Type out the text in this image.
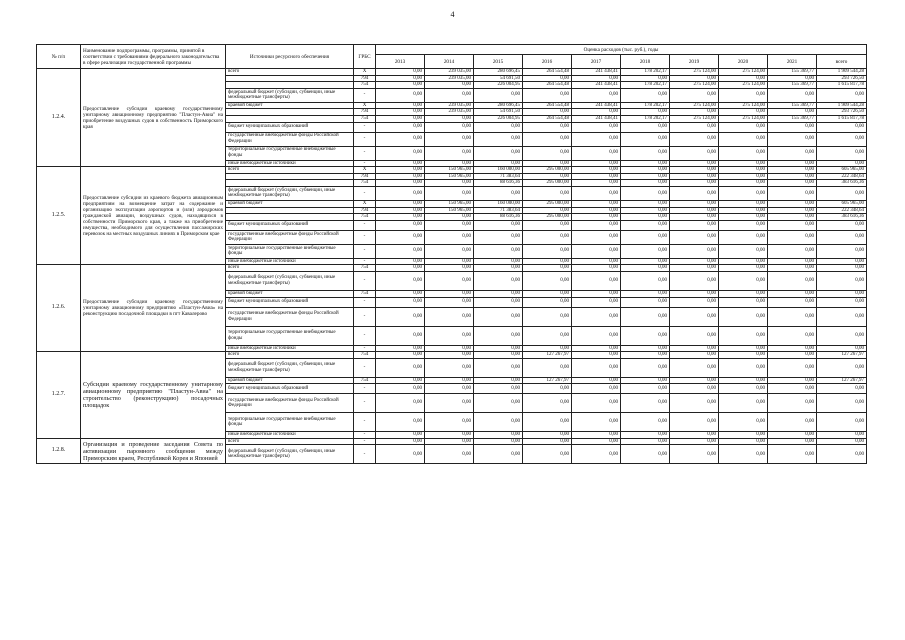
4
№ п/п	Наименование подпрограммы, программы, принятой в соответствии с требованиями федерального законодательства в сфере реализации государственной программы	Источники ресурсного обеспечения	ГРБС	Оценка расходов (тыс. руб.), годы									
				2013	2014	2015	2016	2017	2018	2019	2020	2021	всего
1.2.4.	Предоставление субсидии краевому государственному унитарному авиационному предприятию "Пластун-Авиа" на приобретение воздушных судов в собственность Приморского края	всего	X	0,00	239 035,00	280 696,45	264 554,48	241 438,41	178 202,17	275 124,00	275 124,00	155 369,77	1 909 544,28
			794	0,00	239 035,00	54 691,50	0,00	0,00	0,00	0,00	0,00	0,00	293 726,50
			754	0,00	0,00	226 004,95	264 554,48	241 438,41	178 202,17	275 124,00	275 124,00	155 369,77	1 615 817,78
		федеральный бюджет (субсидии, субвенции, иные межбюджетные трансферты)	-	0,00	0,00	0,00	0,00	0,00	0,00	0,00	0,00	0,00	0,00
		краевой бюджет	X	0,00	239 035,00	280 696,45	264 554,48	241 438,41	178 202,17	275 124,00	275 124,00	155 369,77	1 909 544,28
			794	0,00	239 035,00	54 691,50	0,00	0,00	0,00	0,00	0,00	0,00	293 726,50
			754	0,00	0,00	226 004,95	264 554,48	241 438,41	178 202,17	275 124,00	275 124,00	155 369,77	1 615 817,78
		бюджет муниципальных образований	-	0,00	0,00	0,00	0,00	0,00	0,00	0,00	0,00	0,00	0,00
		государственные внебюджетные фонды Российской Федерации	-	0,00	0,00	0,00	0,00	0,00	0,00	0,00	0,00	0,00	0,00
		территориальные государственные внебюджетные фонды	-	0,00	0,00	0,00	0,00	0,00	0,00	0,00	0,00	0,00	0,00
		иные внебюджетные источники	-	0,00	0,00	0,00	0,00	0,00	0,00	0,00	0,00	0,00	0,00
1.2.5.	Предоставление субсидии из краевого бюджета авиационным предприятиям на возмещение затрат на содержание и организацию эксплуатации аэропортов и (или) аэродромов гражданской авиации, воздушных судов, находящихся в собственности Приморского края, а также на приобретение имущества, необходимого для осуществления пассажирских перевозок на местных воздушных линиях в Приморском крае	всего	X	0,00	150 965,00	160 000,00	295 000,00	0,00	0,00	0,00	0,00	0,00	605 965,00
			794	0,00	150 965,00	71 383,64	0,00	0,00	0,00	0,00	0,00	0,00	222 348,64
			754	0,00	0,00	88 616,36	295 000,00	0,00	0,00	0,00	0,00	0,00	383 616,36
		федеральный бюджет (субсидии, субвенции, иные межбюджетные трансферты)	-	0,00	0,00	0,00	0,00	0,00	0,00	0,00	0,00	0,00	0,00
		краевой бюджет	X	0,00	150 965,00	160 000,00	295 000,00	0,00	0,00	0,00	0,00	0,00	605 965,00
			794	0,00	150 965,00	71 383,64	0,00	0,00	0,00	0,00	0,00	0,00	222 348,64
			754	0,00	0,00	88 616,36	295 000,00	0,00	0,00	0,00	0,00	0,00	383 616,36
		бюджет муниципальных образований	-	0,00	0,00	0,00	0,00	0,00	0,00	0,00	0,00	0,00	0,00
		государственные внебюджетные фонды Российской Федерации	-	0,00	0,00	0,00	0,00	0,00	0,00	0,00	0,00	0,00	0,00
		территориальные государственные внебюджетные фонды	-	0,00	0,00	0,00	0,00	0,00	0,00	0,00	0,00	0,00	0,00
		иные внебюджетные источники	-	0,00	0,00	0,00	0,00	0,00	0,00	0,00	0,00	0,00	0,00
1.2.6.	Предоставление субсидии краевому государственному унитарному авиационному предприятию «Пластун-Авиа» на реконструкцию посадочной площадки в пгт Кавалерово	всего	754	0,00	0,00	0,00	0,00	0,00	0,00	0,00	0,00	0,00	0,00
		федеральный бюджет (субсидии, субвенции, иные межбюджетные трансферты)	-	0,00	0,00	0,00	0,00	0,00	0,00	0,00	0,00	0,00	0,00
		краевой бюджет	754	0,00	0,00	0,00	0,00	0,00	0,00	0,00	0,00	0,00	0,00
		бюджет муниципальных образований	-	0,00	0,00	0,00	0,00	0,00	0,00	0,00	0,00	0,00	0,00
		государственные внебюджетные фонды Российской Федерации	-	0,00	0,00	0,00	0,00	0,00	0,00	0,00	0,00	0,00	0,00
		территориальные государственные внебюджетные фонды	-	0,00	0,00	0,00	0,00	0,00	0,00	0,00	0,00	0,00	0,00
		иные внебюджетные источники	-	0,00	0,00	0,00	0,00	0,00	0,00	0,00	0,00	0,00	0,00
1.2.7.	Субсидии краевому государственному унитарному авиационному предприятию "Пластун-Авиа" на строительство (реконструкцию) посадочных площадок	всего	754	0,00	0,00	0,00	127 267,97	0,00	0,00	0,00	0,00	0,00	127 267,97
		федеральный бюджет (субсидии, субвенции, иные межбюджетные трансферты)	-	0,00	0,00	0,00	0,00	0,00	0,00	0,00	0,00	0,00	0,00
		краевой бюджет	754	0,00	0,00	0,00	127 267,97	0,00	0,00	0,00	0,00	0,00	127 267,97
		бюджет муниципальных образований	-	0,00	0,00	0,00	0,00	0,00	0,00	0,00	0,00	0,00	0,00
		государственные внебюджетные фонды Российской Федерации	-	0,00	0,00	0,00	0,00	0,00	0,00	0,00	0,00	0,00	0,00
		территориальные государственные внебюджетные фонды	-	0,00	0,00	0,00	0,00	0,00	0,00	0,00	0,00	0,00	0,00
		иные внебюджетные источники	-	0,00	0,00	0,00	0,00	0,00	0,00	0,00	0,00	0,00	0,00
1.2.8.	Организация и проведение заседания Совета по активизации паромного сообщения между Приморским краем, Республикой Корея и Японией	всего	-	0,00	0,00	0,00	0,00	0,00	0,00	0,00	0,00	0,00	0,00
		федеральный бюджет (субсидии, субвенции, иные межбюджетные трансферты)	-	0,00	0,00	0,00	0,00	0,00	0,00	0,00	0,00	0,00	0,00
